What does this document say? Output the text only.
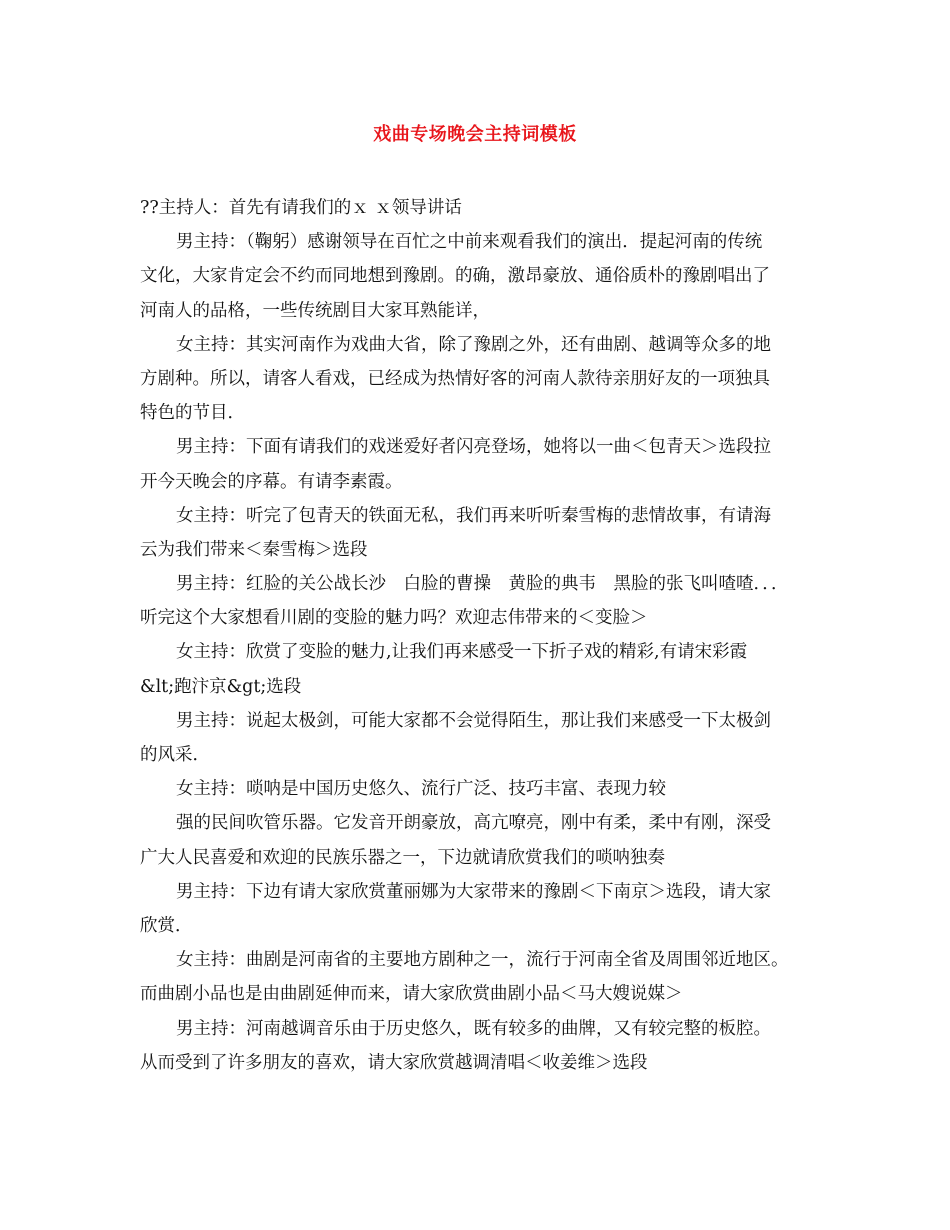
戏曲专场晚会主持词模板
??主持人：首先有请我们的ｘ ｘ领导讲话
男主持：（鞠躬）感谢领导在百忙之中前来观看我们的演出．提起河南的传统
文化，大家肯定会不约而同地想到豫剧。的确，激昂豪放、通俗质朴的豫剧唱出了
河南人的品格，一些传统剧目大家耳熟能详，
女主持：其实河南作为戏曲大省，除了豫剧之外，还有曲剧、越调等众多的地
方剧种。所以，请客人看戏，已经成为热情好客的河南人款待亲朋好友的一项独具
特色的节目．
男主持：下面有请我们的戏迷爱好者闪亮登场，她将以一曲＜包青天＞选段拉
开今天晚会的序幕。有请李素霞。
女主持：听完了包青天的铁面无私，我们再来听听秦雪梅的悲情故事，有请海
云为我们带来＜秦雪梅＞选段
男主持：红脸的关公战长沙　白脸的曹操　黄脸的典韦　黑脸的张飞叫喳喳．．．
听完这个大家想看川剧的变脸的魅力吗？欢迎志伟带来的＜变脸＞
女主持：欣赏了变脸的魅力,让我们再来感受一下折子戏的精彩,有请宋彩霞
&lt;跑汴京&gt;选段
男主持：说起太极剑，可能大家都不会觉得陌生，那让我们来感受一下太极剑
的风采．
女主持：唢呐是中国历史悠久、流行广泛、技巧丰富、表现力较
强的民间吹管乐器。它发音开朗豪放，高亢嘹亮，刚中有柔，柔中有刚，深受
广大人民喜爱和欢迎的民族乐器之一，下边就请欣赏我们的唢呐独奏
男主持：下边有请大家欣赏董丽娜为大家带来的豫剧＜下南京＞选段，请大家
欣赏．
女主持：曲剧是河南省的主要地方剧种之一，流行于河南全省及周围邻近地区。
而曲剧小品也是由曲剧延伸而来，请大家欣赏曲剧小品＜马大嫂说媒＞
男主持：河南越调音乐由于历史悠久，既有较多的曲牌，又有较完整的板腔。
从而受到了许多朋友的喜欢，请大家欣赏越调清唱＜收姜维＞选段
